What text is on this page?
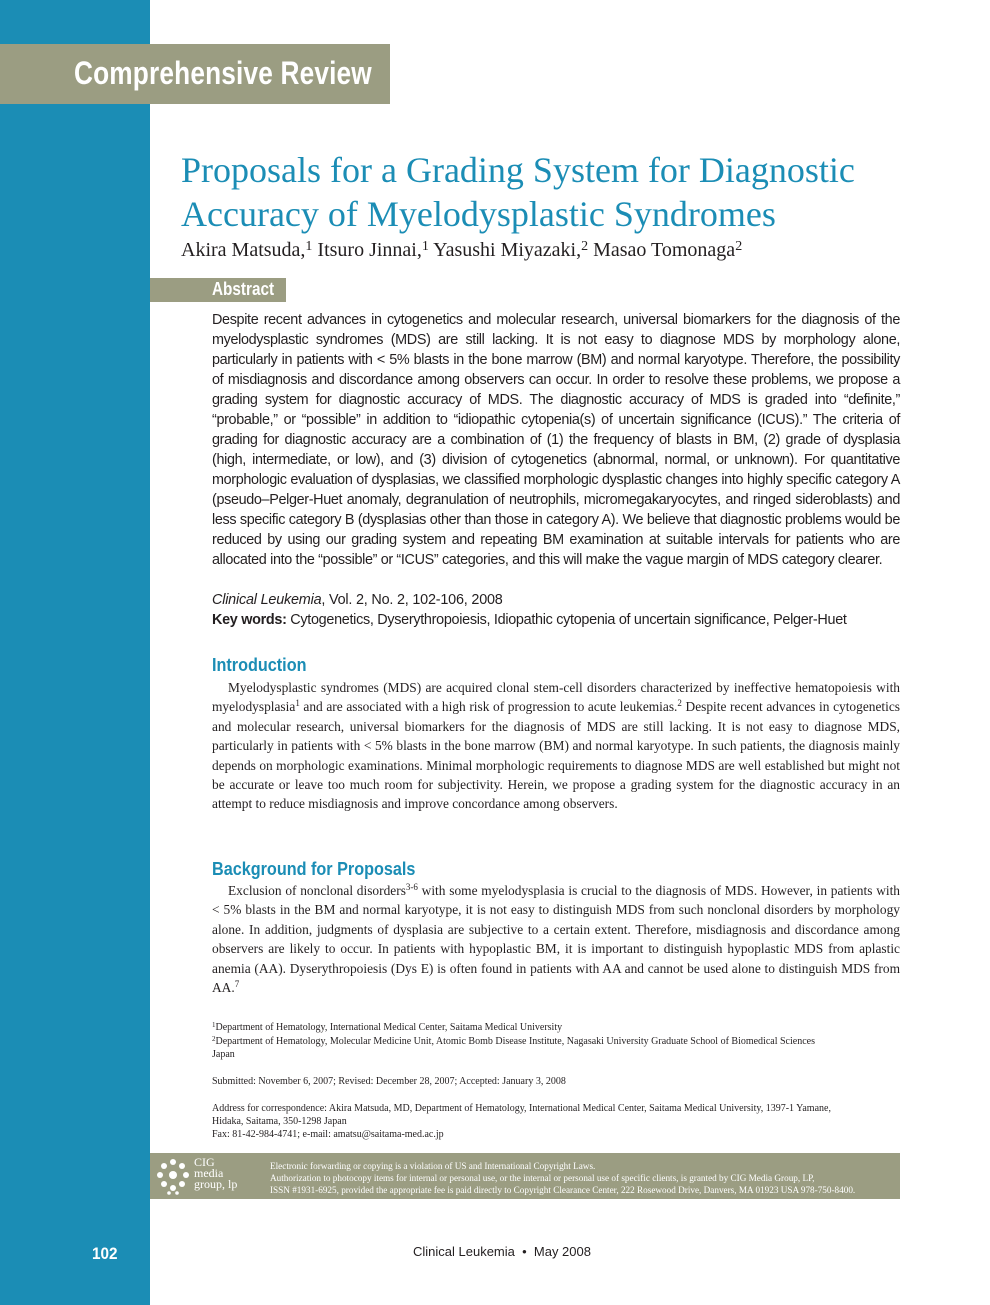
Comprehensive Review
Proposals for a Grading System for Diagnostic Accuracy of Myelodysplastic Syndromes
Akira Matsuda,$^1$ Itsuro Jinnai,$^1$ Yasushi Miyazaki,$^2$ Masao Tomonaga$^2$
Abstract

Despite recent advances in cytogenetics and molecular research, universal biomarkers for the diagnosis of the myelodysplastic syndromes (MDS) are still lacking. It is not easy to diagnose MDS by morphology alone, particularly in patients with < 5% blasts in the bone marrow (BM) and normal karyotype. Therefore, the possibility of misdiagnosis and discordance among observers can occur. In order to resolve these problems, we propose a grading system for diagnostic accuracy of MDS. The diagnostic accuracy of MDS is graded into “definite,” “probable,” or “possible” in addition to “idiopathic cytopenia(s) of uncertain significance (ICUS).” The criteria of grading for diagnostic accuracy are a combination of (1) the frequency of blasts in BM, (2) grade of dysplasia (high, intermediate, or low), and (3) division of cytogenetics (abnormal, normal, or unknown). For quantitative morphologic evaluation of dysplasias, we classified morphologic dysplastic changes into highly specific category A (pseudo–Pelger-Huet anomaly, degranulation of neutrophils, micromegakaryocytes, and ringed sideroblasts) and less specific category B (dysplasias other than those in category A). We believe that diagnostic problems would be reduced by using our grading system and repeating BM examination at suitable intervals for patients who are allocated into the “possible” or “ICUS” categories, and this will make the vague margin of MDS category clearer.

Clinical Leukemia, Vol. 2, No. 2, 102-106, 2008
Key words: Cytogenetics, Dyserythropoiesis, Idiopathic cytopenia of uncertain significance, Pelger-Huet
Introduction

Myelodysplastic syndromes (MDS) are acquired clonal stem-cell disorders characterized by ineffective hematopoiesis with myelodysplasia$^1$ and are associated with a high risk of progression to acute leukemias.$^2$ Despite recent advances in cytogenetics and molecular research, universal biomarkers for the diagnosis of MDS are still lacking. It is not easy to diagnose MDS, particularly in patients with < 5% blasts in the bone marrow (BM) and normal karyotype. In such patients, the diagnosis mainly depends on morphologic examinations. Minimal morphologic requirements to diagnose MDS are well established but might not be accurate or leave too much room for subjectivity. Herein, we propose a grading system for the diagnostic accuracy in an attempt to reduce misdiagnosis and improve concordance among observers.

Background for Proposals

Exclusion of nonclonal disorders$^{3-6}$ with some myelodysplasia is crucial to the diagnosis of MDS. However, in patients with < 5% blasts in the BM and normal karyotype, it is not easy to distinguish MDS from such nonclonal disorders by morphology alone. In addition, judgments of dysplasia are subjective to a certain extent. Therefore, misdiagnosis and discordance among observers are likely to occur. In patients with hypoplastic BM, it is important to distinguish hypoplastic MDS from aplastic anemia (AA). Dyserythropoiesis (Dys E) is often found in patients with AA and cannot be used alone to distinguish MDS from AA.$^7$

$^1$Department of Hematology, International Medical Center, Saitama Medical University
$^2$Department of Hematology, Molecular Medicine Unit, Atomic Bomb Disease Institute, Nagasaki University Graduate School of Biomedical Sciences
Japan
Submitted: November 6, 2007; Revised: December 28, 2007; Accepted: January 3, 2008
Address for correspondence: Akira Matsuda, MD, Department of Hematology, International Medical Center, Saitama Medical University, 1397-1 Yamane,
Hidaka, Saitama, 350-1298 Japan
Fax: 81-42-984-4741; e-mail: amatsu@saitama-med.ac.jp
CIG
media
group, lp
Electronic forwarding or copying is a violation of US and International Copyright Laws.
Authorization to photocopy items for internal or personal use, or the internal or personal use of specific clients, is granted by CIG Media Group, LP,
ISSN #1931-6925, provided the appropriate fee is paid directly to Copyright Clearance Center, 222 Rosewood Drive, Danvers, MA 01923 USA 978-750-8400.
102	Clinical Leukemia  •  May 2008
